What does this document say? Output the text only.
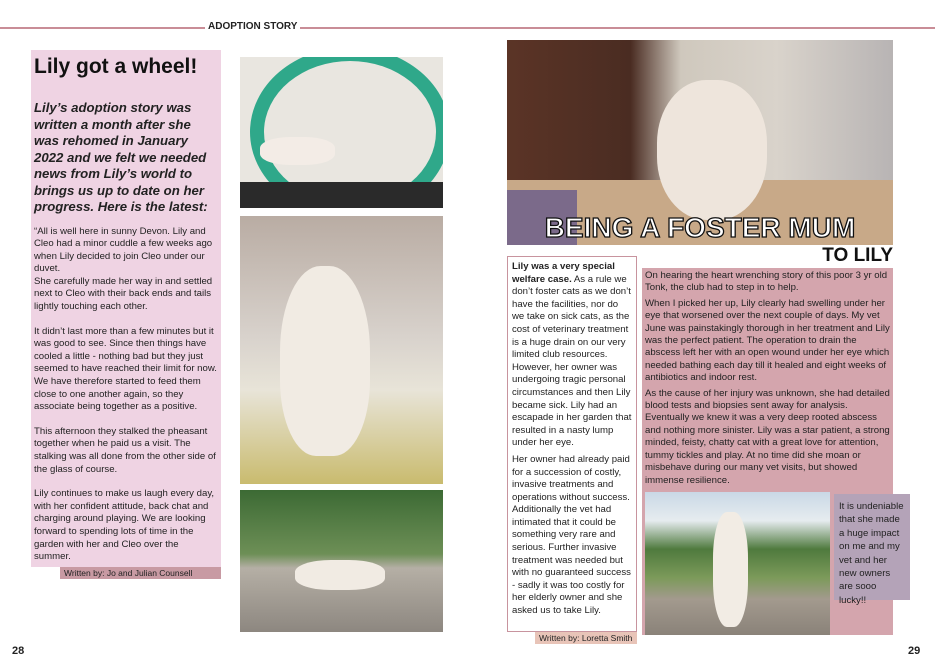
ADOPTION STORY
Lily got a wheel!
Lily’s adoption story was written a month after she was rehomed in January 2022 and we felt we needed news from Lily’s world to brings us up to date on her progress. Here is the latest:
“All is well here in sunny Devon. Lily and Cleo had a minor cuddle a few weeks ago when Lily decided to join Cleo under our duvet.
She carefully made her way in and settled next to Cleo with their back ends and tails lightly touching each other.
It didn’t last more than a few minutes but it was good to see. Since then things have cooled a little - nothing bad but they just seemed to have reached their limit for now. We have therefore started to feed them close to one another again, so they associate being together as a positive.
This afternoon they stalked the pheasant together when he paid us a visit. The stalking was all done from the other side of the glass of course.
Lily continues to make us laugh every day, with her confident attitude, back chat and charging around playing. We are looking forward to spending lots of time in the garden with her and Cleo over the summer.
Written by: Jo and Julian Counsell
28
BEING A FOSTER MUM
TO LILY

Lily was a very special welfare case. As a rule we don’t foster cats as we don’t have the facilities, nor do we take on sick cats, as the cost of veterinary treatment is a huge drain on our very limited club resources. However, her owner was undergoing tragic personal circumstances and then Lily became sick. Lily had an escapade in her garden that resulted in a nasty lump under her eye.

Her owner had already paid for a succession of costly, invasive treatments and operations without success. Additionally the vet had intimated that it could be something very rare and serious. Further invasive treatment was needed but with no guaranteed success - sadly it was too costly for her elderly owner and she asked us to take Lily.

Written by: Loretta Smith

On hearing the heart wrenching story of this poor 3 yr old Tonk, the club had to step in to help.

When I picked her up, Lily clearly had swelling under her eye that worsened over the next couple of days. My vet June was painstakingly thorough in her treatment and Lily was the perfect patient. The operation to drain the abscess left her with an open wound under her eye which needed bathing each day till it healed and eight weeks of antibiotics and indoor rest.

As the cause of her injury was unknown, she had detailed blood tests and biopsies sent away for analysis. Eventually we knew it was a very deep rooted abscess and nothing more sinister. Lily was a star patient, a strong minded, feisty, chatty cat with a great love for attention, tummy tickles and play. At no time did she moan or misbehave during our many vet visits, but showed immense resilience.

It is undeniable that she made a huge impact on me and my vet and her new owners are sooo lucky!!
29
